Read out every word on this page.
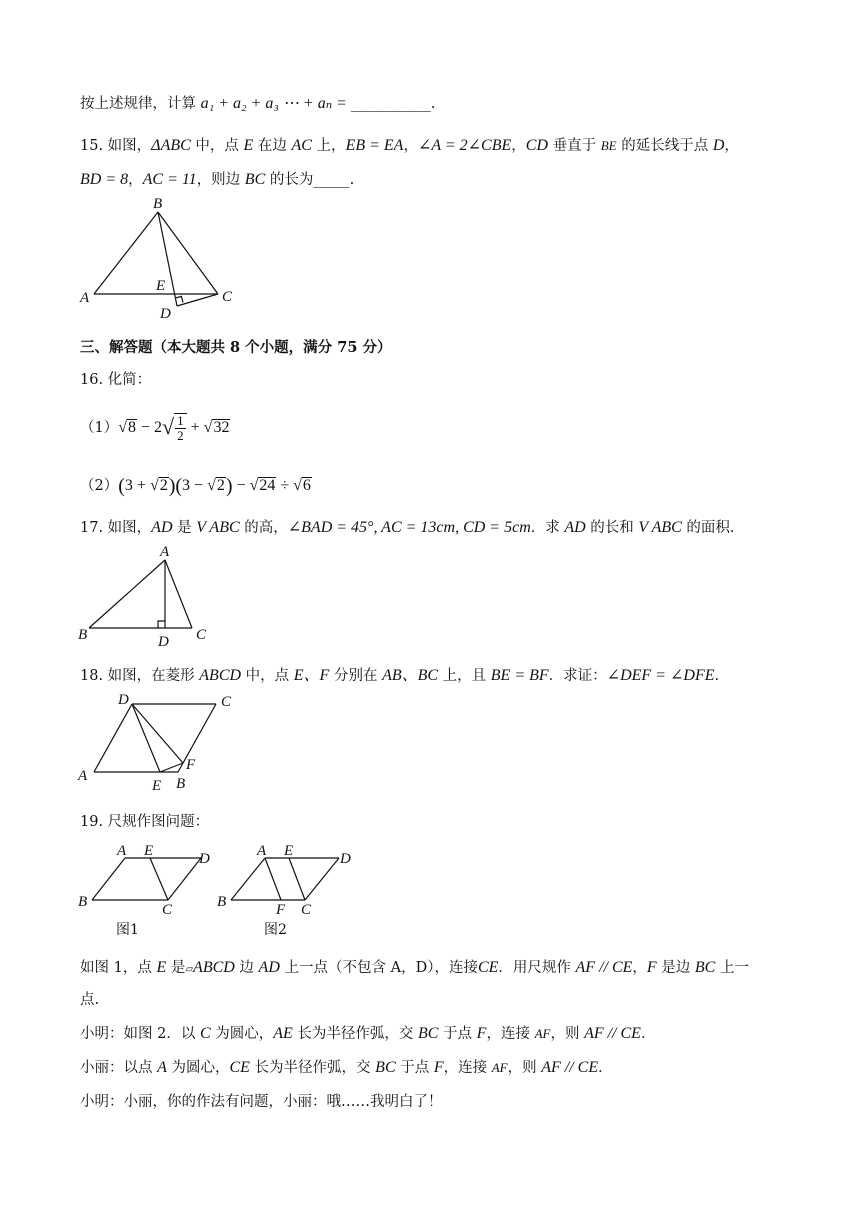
按上述规律，计算 a₁ + a₂ + a₃ ⋯ + aₙ = ___________.
15. 如图，ΔABC 中，点 E 在边 AC 上，EB = EA，∠A = 2∠CBE，CD 垂直于 BE 的延长线于点 D，
BD = 8，AC = 11，则边 BC 的长为_____.
B
A	C
E
D
三、解答题（本大题共 8 个小题，满分 75 分）
16. 化简：
$(1)√8 - 2√ \frac{1}{2} + √32$
（2）(3 + √2)(3 − √2) − √24 ÷ √6
17. 如图，AD 是 V ABC 的高，∠BAD = 45°, AC = 13cm, CD = 5cm．求 AD 的长和 V ABC 的面积.
A
B	D C
18. 如图，在菱形 ABCD 中，点 E、F 分别在 AB、BC 上，且 BE = BF．求证：∠DEF = ∠DFE.
D	C
A
E B
F
19. 尺规作图问题：
A E	D
B	C
图1
A E	D
B	F C
图2
如图 1，点 E 是▱ABCD 边 AD 上一点（不包含 A，D），连接CE．用尺规作 AF // CE，F 是边 BC 上一
点.
小明：如图 2．以 C 为圆心，AE 长为半径作弧，交 BC 于点 F，连接 AF，则 AF // CE．
小丽：以点 A 为圆心，CE 长为半径作弧，交 BC 于点 F，连接 AF，则 AF // CE．
小明：小丽，你的作法有问题，小丽：哦……我明白了！
